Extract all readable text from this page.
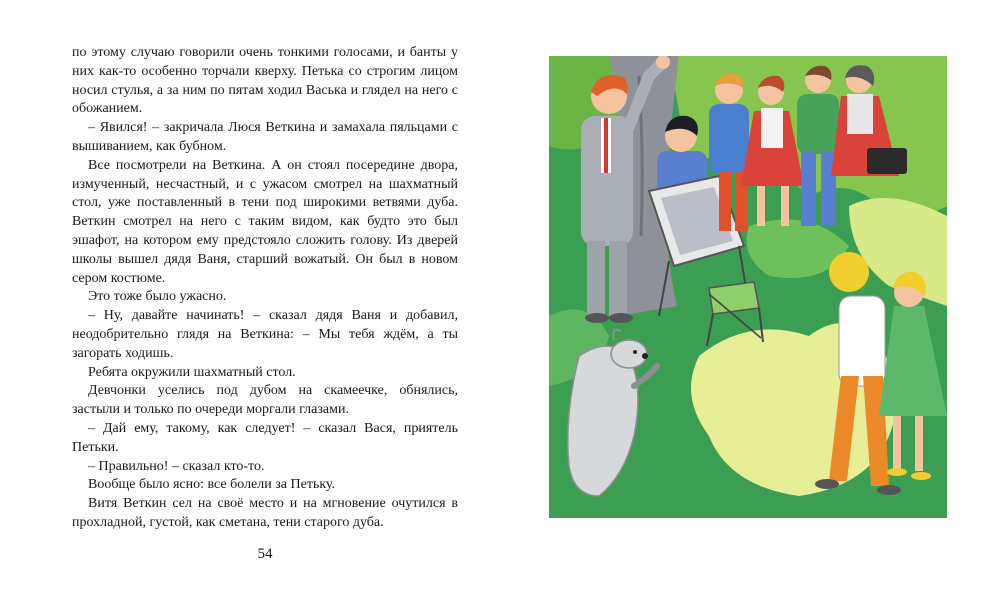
по этому случаю говорили очень тонкими голосами, и банты у них как-то особенно торчали кверху. Петька со строгим лицом носил стулья, а за ним по пятам ходил Васька и глядел на него с обожанием.

– Явился! – закричала Люся Веткина и замахала пяльцами с вышиванием, как бубном.

Все посмотрели на Веткина. А он стоял посередине двора, измученный, несчастный, и с ужасом смотрел на шахматный стол, уже поставленный в тени под широкими ветвями дуба. Веткин смотрел на него с таким видом, как будто это был эшафот, на котором ему предстояло сложить голову. Из дверей школы вышел дядя Ваня, старший вожатый. Он был в новом сером костюме.

Это тоже было ужасно.

– Ну, давайте начинать! – сказал дядя Ваня и добавил, неодобрительно глядя на Веткина: – Мы тебя ждём, а ты загорать ходишь.

Ребята окружили шахматный стол.

Девчонки уселись под дубом на скамеечке, обнялись, застыли и только по очереди моргали глазами.

– Дай ему, такому, как следует! – сказал Вася, приятель Петьки.

– Правильно! – сказал кто-то.

Вообще было ясно: все болели за Петьку.

Витя Веткин сел на своё место и на мгновение очутился в прохладной, густой, как сметана, тени старого дуба.

54
